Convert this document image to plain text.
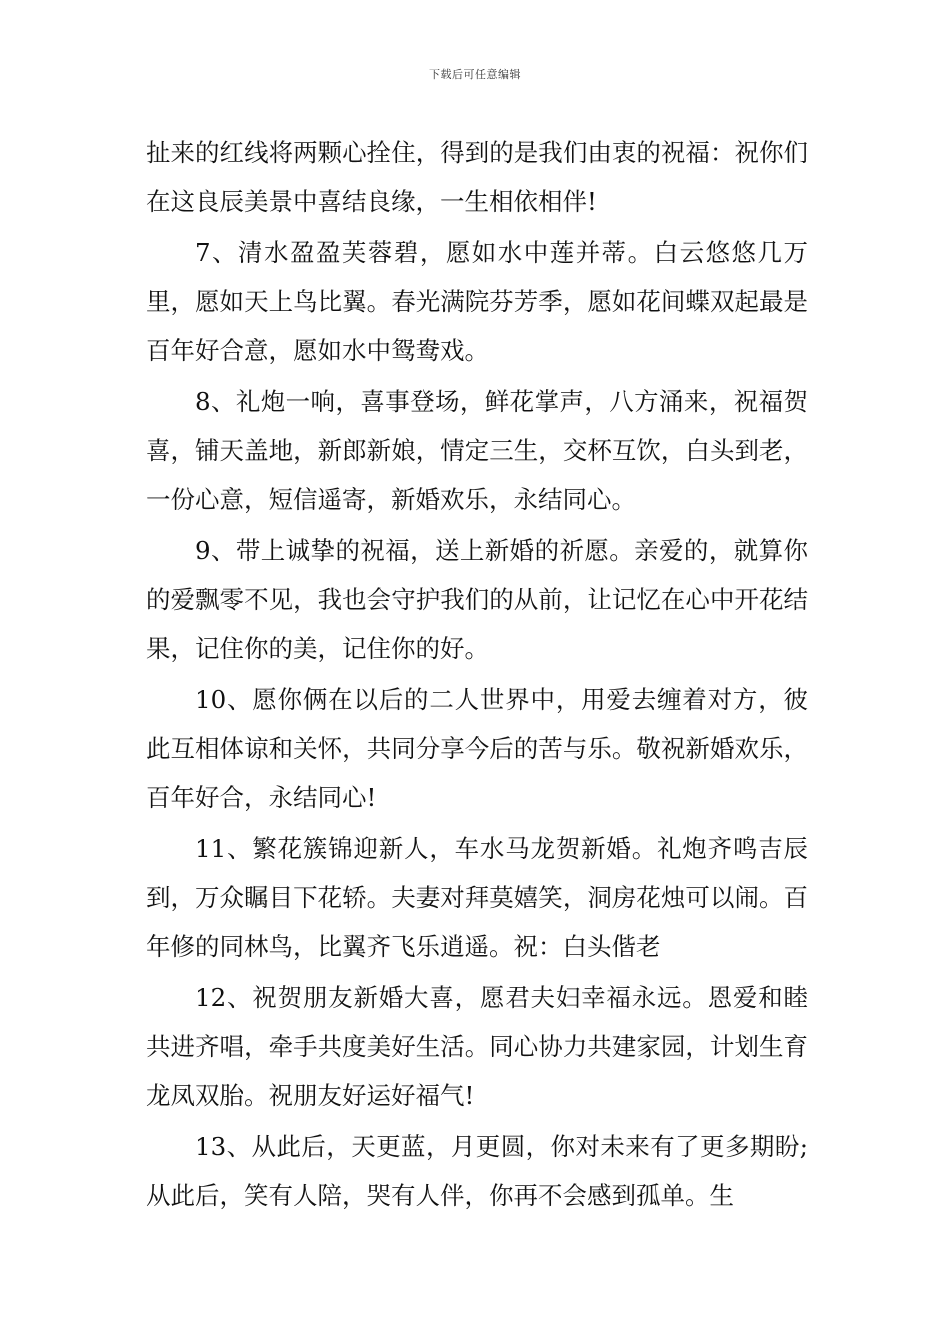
下载后可任意编辑

扯来的红线将两颗心拴住，得到的是我们由衷的祝福：祝你们在这良辰美景中喜结良缘，一生相依相伴!

7、清水盈盈芙蓉碧，愿如水中莲并蒂。白云悠悠几万里，愿如天上鸟比翼。春光满院芬芳季，愿如花间蝶双起最是百年好合意，愿如水中鸳鸯戏。

8、礼炮一响，喜事登场，鲜花掌声，八方涌来，祝福贺喜，铺天盖地，新郎新娘，情定三生，交杯互饮，白头到老，一份心意，短信遥寄，新婚欢乐，永结同心。

9、带上诚挚的祝福，送上新婚的祈愿。亲爱的，就算你的爱飘零不见，我也会守护我们的从前，让记忆在心中开花结果，记住你的美，记住你的好。

10、愿你俩在以后的二人世界中，用爱去缠着对方，彼此互相体谅和关怀，共同分享今后的苦与乐。敬祝新婚欢乐，百年好合，永结同心!

11、繁花簇锦迎新人，车水马龙贺新婚。礼炮齐鸣吉辰到，万众瞩目下花轿。夫妻对拜莫嬉笑，洞房花烛可以闹。百年修的同林鸟，比翼齐飞乐逍遥。祝：白头偕老

12、祝贺朋友新婚大喜，愿君夫妇幸福永远。恩爱和睦共进齐唱，牵手共度美好生活。同心协力共建家园，计划生育龙凤双胎。祝朋友好运好福气!

13、从此后，天更蓝，月更圆，你对未来有了更多期盼;从此后，笑有人陪，哭有人伴，你再不会感到孤单。生
